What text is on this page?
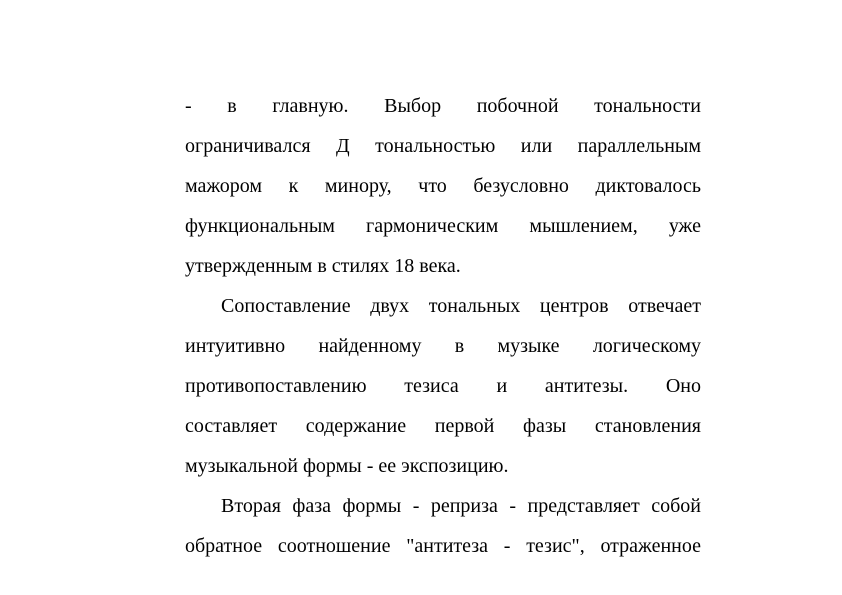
- в главную. Выбор побочной тональности
ограничивался Д тональностью или параллельным
мажором к минору, что безусловно диктовалось
функциональным гармоническим мышлением, уже
утвержденным в стилях 18 века.

Сопоставление двух тональных центров отвечает
интуитивно найденному в музыке логическому
противопоставлению тезиса и антитезы. Оно
составляет содержание первой фазы становления
музыкальной формы - ее экспозицию.

Вторая фаза формы - реприза - представляет собой
обратное соотношение "антитеза - тезис", отраженное
